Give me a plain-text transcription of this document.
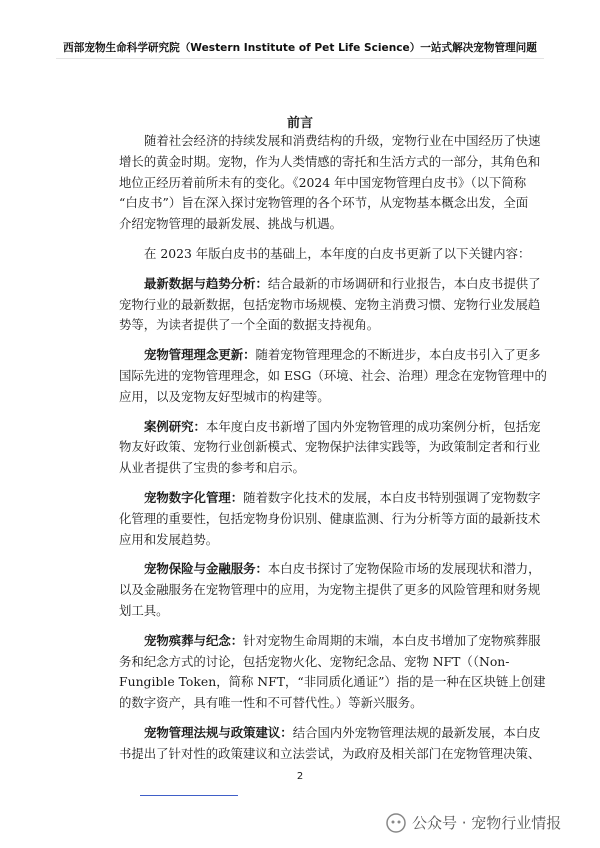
西部宠物生命科学研究院（Western Institute of Pet Life Science）一站式解决宠物管理问题
前言
随着社会经济的持续发展和消费结构的升级，宠物行业在中国经历了快速
增长的黄金时期。宠物，作为人类情感的寄托和生活方式的一部分，其角色和
地位正经历着前所未有的变化。《2024 年中国宠物管理白皮书》（以下简称
“白皮书”）旨在深入探讨宠物管理的各个环节，从宠物基本概念出发，全面
介绍宠物管理的最新发展、挑战与机遇。
在 2023 年版白皮书的基础上，本年度的白皮书更新了以下关键内容：
最新数据与趋势分析：结合最新的市场调研和行业报告，本白皮书提供了
宠物行业的最新数据，包括宠物市场规模、宠物主消费习惯、宠物行业发展趋
势等，为读者提供了一个全面的数据支持视角。
宠物管理理念更新：随着宠物管理理念的不断进步，本白皮书引入了更多
国际先进的宠物管理理念，如 ESG（环境、社会、治理）理念在宠物管理中的
应用，以及宠物友好型城市的构建等。
案例研究：本年度白皮书新增了国内外宠物管理的成功案例分析，包括宠
物友好政策、宠物行业创新模式、宠物保护法律实践等，为政策制定者和行业
从业者提供了宝贵的参考和启示。
宠物数字化管理：随着数字化技术的发展，本白皮书特别强调了宠物数字
化管理的重要性，包括宠物身份识别、健康监测、行为分析等方面的最新技术
应用和发展趋势。
宠物保险与金融服务：本白皮书探讨了宠物保险市场的发展现状和潜力，
以及金融服务在宠物管理中的应用，为宠物主提供了更多的风险管理和财务规
划工具。
宠物殡葬与纪念：针对宠物生命周期的末端，本白皮书增加了宠物殡葬服
务和纪念方式的讨论，包括宠物火化、宠物纪念品、宠物 NFT（（Non-
Fungible Token，简称 NFT，“非同质化通证”）指的是一种在区块链上创建
的数字资产，具有唯一性和不可替代性。）等新兴服务。
宠物管理法规与政策建议：结合国内外宠物管理法规的最新发展，本白皮
书提出了针对性的政策建议和立法尝试，为政府及相关部门在宠物管理决策、
2
公众号 · 宠物行业情报
